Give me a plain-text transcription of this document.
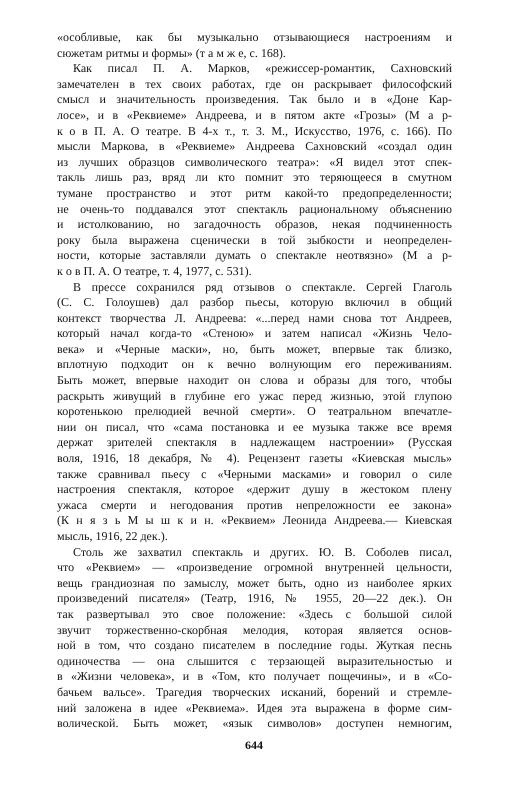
«особливые, как бы музыкально отзывающиеся настроениям и
сюжетам ритмы и формы» (т а м ж е, с. 168).
Как писал П. А. Марков, «режиссер-романтик, Сахновский
замечателен в тех своих работах, где он раскрывает философский
смысл и значительность произведения. Так было и в «Доне Кар-
лосе», и в «Реквиеме» Андреева, и в пятом акте «Грозы» (М а р-
к о в П. А. О театре. В 4-х т., т. 3. М., Искусство, 1976, с. 166). По
мысли Маркова, в «Реквиеме» Андреева Сахновский «создал один
из лучших образцов символического театра»: «Я видел этот спек-
такль лишь раз, вряд ли кто помнит это теряющееся в смутном
тумане пространство и этот ритм какой-то предопределенности;
не очень-то поддавался этот спектакль рациональному объяснению
и истолкованию, но загадочность образов, некая подчиненность
року была выражена сценически в той зыбкости и неопределен-
ности, которые заставляли думать о спектакле неотвязно» (М а р-
к о в П. А. О театре, т. 4, 1977, с. 531).
В прессе сохранился ряд отзывов о спектакле. Сергей Глаголь
(С. С. Голоушев) дал разбор пьесы, которую включил в общий
контекст творчества Л. Андреева: «...перед нами снова тот Андреев,
который начал когда-то «Стеною» и затем написал «Жизнь Чело-
века» и «Черные маски», но, быть может, впервые так близко,
вплотную подходит он к вечно волнующим его переживаниям.
Быть может, впервые находит он слова и образы для того, чтобы
раскрыть живущий в глубине его ужас перед жизнью, этой глупою
коротенькою прелюдией вечной смерти». О театральном впечатле-
нии он писал, что «сама постановка и ее музыка также все время
держат зрителей спектакля в надлежащем настроении» (Русская
воля, 1916, 18 декабря, № 4). Рецензент газеты «Киевская мысль»
также сравнивал пьесу с «Черными масками» и говорил о силе
настроения спектакля, которое «держит душу в жестоком плену
ужаса смерти и негодования против непреложности ее закона»
(К н я з ь М ы ш к и н. «Реквием» Леонида Андреева.— Киевская
мысль, 1916, 22 дек.).
Столь же захватил спектакль и других. Ю. В. Соболев писал,
что «Реквием» — «произведение огромной внутренней цельности,
вещь грандиозная по замыслу, может быть, одно из наиболее ярких
произведений писателя» (Театр, 1916, № 1955, 20—22 дек.). Он
так развертывал это свое положение: «Здесь с большой силой
звучит торжественно-скорбная мелодия, которая является основ-
ной в том, что создано писателем в последние годы. Жуткая песнь
одиночества — она слышится с терзающей выразительностью и
в «Жизни человека», и в «Том, кто получает пощечины», и в «Со-
бачьем вальсе». Трагедия творческих исканий, борений и стремле-
ний заложена в идее «Реквиема». Идея эта выражена в форме сим-
волической. Быть может, «язык символов» доступен немногим,
644
